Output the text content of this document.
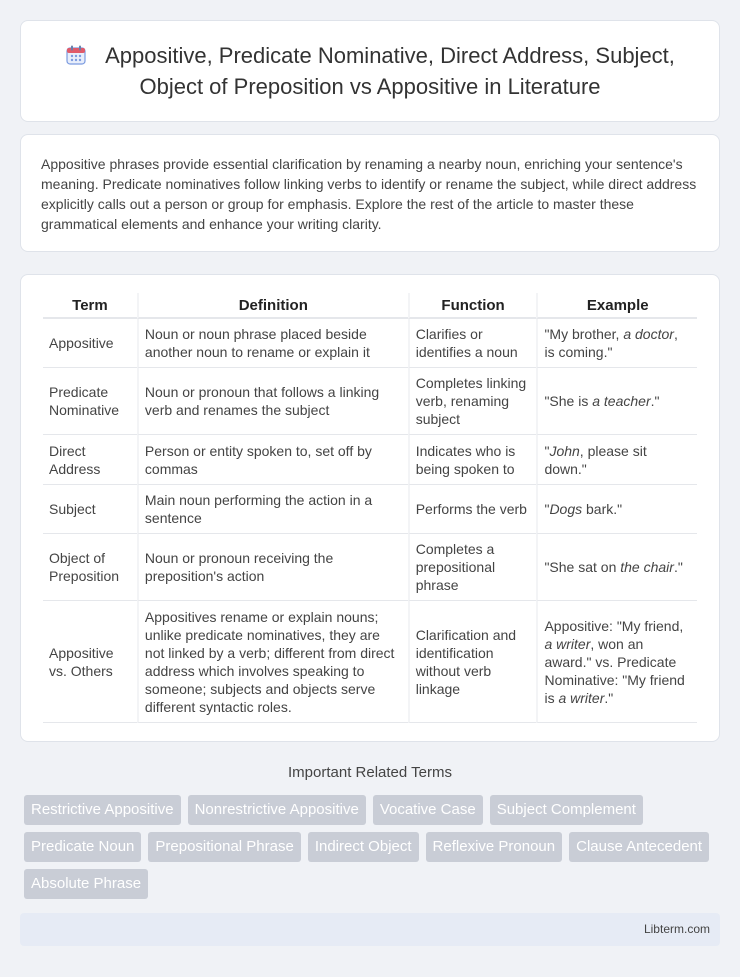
Appositive, Predicate Nominative, Direct Address, Subject, Object of Preposition vs Appositive in Literature

Appositive phrases provide essential clarification by renaming a nearby noun, enriching your sentence's meaning. Predicate nominatives follow linking verbs to identify or rename the subject, while direct address explicitly calls out a person or group for emphasis. Explore the rest of the article to master these grammatical elements and enhance your writing clarity.

Term	Definition	Function	Example
Appositive	Noun or noun phrase placed beside another noun to rename or explain it	Clarifies or identifies a noun	"My brother, a doctor, is coming."
Predicate Nominative	Noun or pronoun that follows a linking verb and renames the subject	Completes linking verb, renaming subject	"She is a teacher."
Direct Address	Person or entity spoken to, set off by commas	Indicates who is being spoken to	"John, please sit down."
Subject	Main noun performing the action in a sentence	Performs the verb	"Dogs bark."
Object of Preposition	Noun or pronoun receiving the preposition's action	Completes a prepositional phrase	"She sat on the chair."
Appositive vs. Others	Appositives rename or explain nouns; unlike predicate nominatives, they are not linked by a verb; different from direct address which involves speaking to someone; subjects and objects serve different syntactic roles.	Clarification and identification without verb linkage	Appositive: "My friend, a writer, won an award." vs. Predicate Nominative: "My friend is a writer."
Important Related Terms
Restrictive Appositive	Nonrestrictive Appositive	Vocative Case	Subject Complement
Predicate Noun	Prepositional Phrase	Indirect Object	Reflexive Pronoun	Clause Antecedent
Absolute Phrase
Libterm.com
